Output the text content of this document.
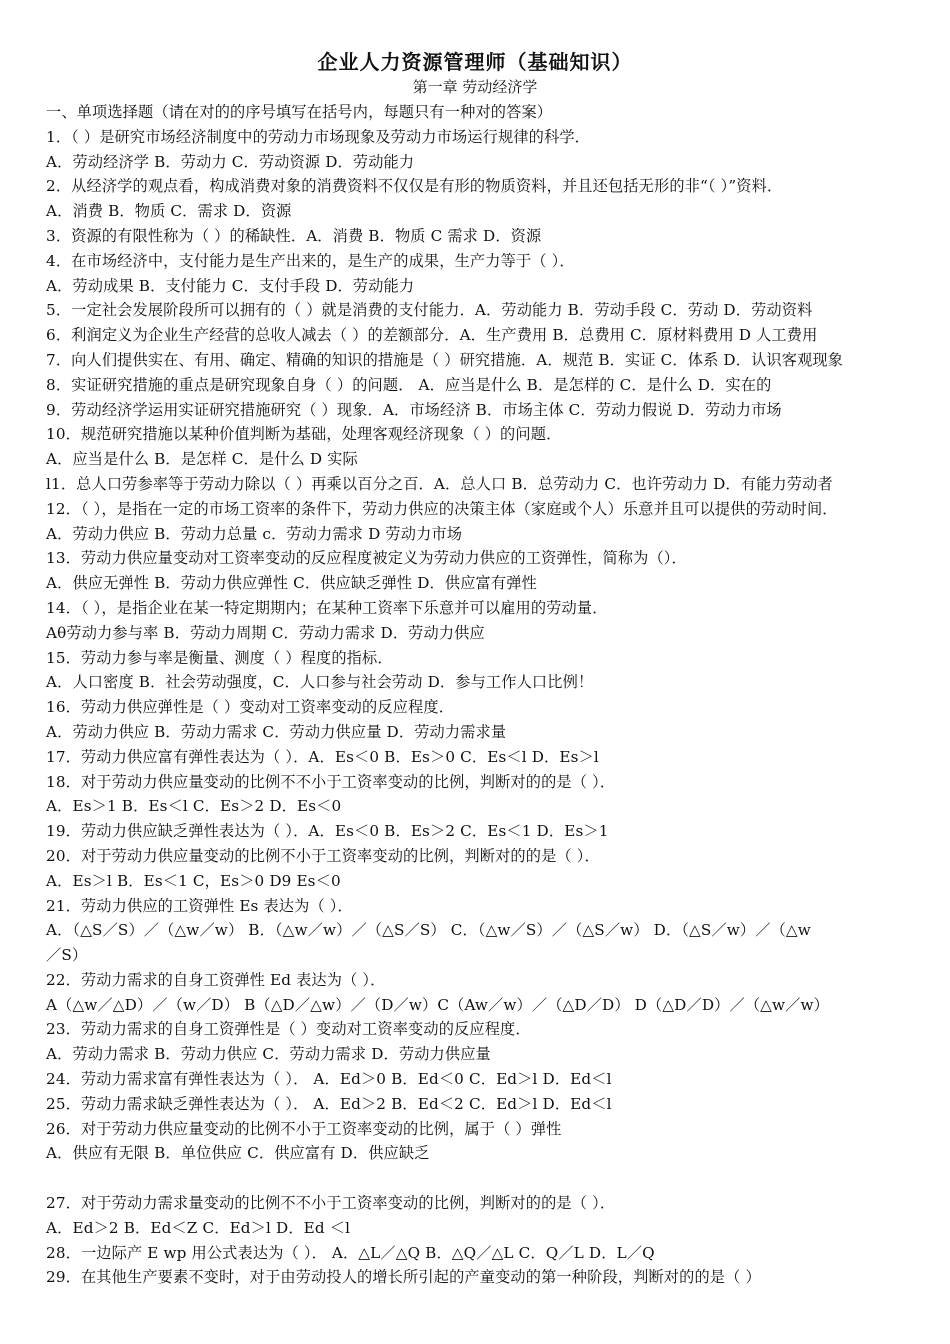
企业人力资源管理师（基础知识）
第一章 劳动经济学
一、单项选择题（请在对的的序号填写在括号内，每题只有一种对的答案）
1．（ ）是研究市场经济制度中的劳动力市场现象及劳动力市场运行规律的科学．
A．劳动经济学 B．劳动力 C．劳动资源 D．劳动能力
2．从经济学的观点看，构成消费对象的消费资料不仅仅是有形的物质资料，并且还包括无形的非“（ ）”资料．
A．消费 B．物质 C．需求 D．资源
3．资源的有限性称为（ ）的稀缺性．A．消费 B．物质 C 需求 D．资源
4．在市场经济中，支付能力是生产出来的，是生产的成果，生产力等于（ ）．
A．劳动成果 B．支付能力 C．支付手段 D．劳动能力
5．一定社会发展阶段所可以拥有的（ ）就是消费的支付能力．A．劳动能力 B．劳动手段 C．劳动 D．劳动资料
6．利润定义为企业生产经营的总收人减去（ ）的差额部分．A．生产费用 B．总费用 C．原材料费用 D 人工费用
7．向人们提供实在、有用、确定、精确的知识的措施是（ ）研究措施．A．规范 B．实证 C．体系 D．认识客观现象
8．实证研究措施的重点是研究现象自身（ ）的问题． A．应当是什么 B．是怎样的 C．是什么 D．实在的
9．劳动经济学运用实证研究措施研究（ ）现象．A．市场经济 B．市场主体 C．劳动力假说 D．劳动力市场
10．规范研究措施以某种价值判断为基础，处理客观经济现象（ ）的问题．
A．应当是什么 B．是怎样 C．是什么 D 实际
l1．总人口劳参率等于劳动力除以（ ）再乘以百分之百．A．总人口 B．总劳动力 C．也许劳动力 D．有能力劳动者
12．（ ），是指在一定的市场工资率的条件下，劳动力供应的决策主体（家庭或个人）乐意并且可以提供的劳动时间．
A．劳动力供应 B．劳动力总量 c．劳动力需求 D 劳动力市场
13．劳动力供应量变动对工资率变动的反应程度被定义为劳动力供应的工资弹性，简称为（）．
A．供应无弹性 B．劳动力供应弹性 C．供应缺乏弹性 D．供应富有弹性
14．（ ），是指企业在某一特定期期内；在某种工资率下乐意并可以雇用的劳动量．
Aθ劳动力参与率 B．劳动力周期 C．劳动力需求 D．劳动力供应
15．劳动力参与率是衡量、测度（ ）程度的指标．
A．人口密度 B．社会劳动强度，C．人口参与社会劳动 D．参与工作人口比例！
16．劳动力供应弹性是（ ）变动对工资率变动的反应程度．
A．劳动力供应 B．劳动力需求 C．劳动力供应量 D．劳动力需求量
17．劳动力供应富有弹性表达为（ ）．A．Es＜0 B．Es＞0 C．Es＜l D．Es＞l
18．对于劳动力供应量变动的比例不不小于工资率变动的比例，判断对的的是（ ）．
A．Es＞1 B．Es＜l C．Es＞2 D．Es＜0
19．劳动力供应缺乏弹性表达为（ ）．A．Es＜0 B．Es＞2 C．Es＜1 D．Es＞1
20．对于劳动力供应量变动的比例不小于工资率变动的比例，判断对的的是（ ）．
A．Es＞l B．Es＜1 C，Es＞0 D9 Es＜0
21．劳动力供应的工资弹性 Es 表达为（ ）．
A．（△S／S）／（△w／w） B．（△w／w）／（△S／S） C．（△w／S）／（△S／w） D．（△S／w）／（△w
／S）
22．劳动力需求的自身工资弹性 Ed 表达为（ ）．
A（△w／△D）／（w／D） B（△D／△w）／（D／w）C（Aw／w）／（△D／D） D（△D／D）／（△w／w）
23．劳动力需求的自身工资弹性是（ ）变动对工资率变动的反应程度．
A．劳动力需求 B．劳动力供应 C．劳动力需求 D．劳动力供应量
24．劳动力需求富有弹性表达为（ ）． A．Ed＞0 B．Ed＜0 C．Ed＞l D．Ed＜l
25．劳动力需求缺乏弹性表达为（ ）． A．Ed＞2 B．Ed＜2 C．Ed＞l D．Ed＜l
26．对于劳动力供应量变动的比例不小于工资率变动的比例，属于（ ）弹性
A．供应有无限 B．单位供应 C．供应富有 D．供应缺乏
27．对于劳动力需求量变动的比例不不小于工资率变动的比例，判断对的的是（ ）．
A．Ed＞2 B．Ed＜Z C．Ed＞l D．Ed ＜l
28．一边际产 E wp 用公式表达为（ ）． A．△L／△Q B．△Q／△L C．Q／L D．L／Q
29．在其他生产要素不变时，对于由劳动投人的增长所引起的产童变动的第一种阶段，判断对的的是（ ）
